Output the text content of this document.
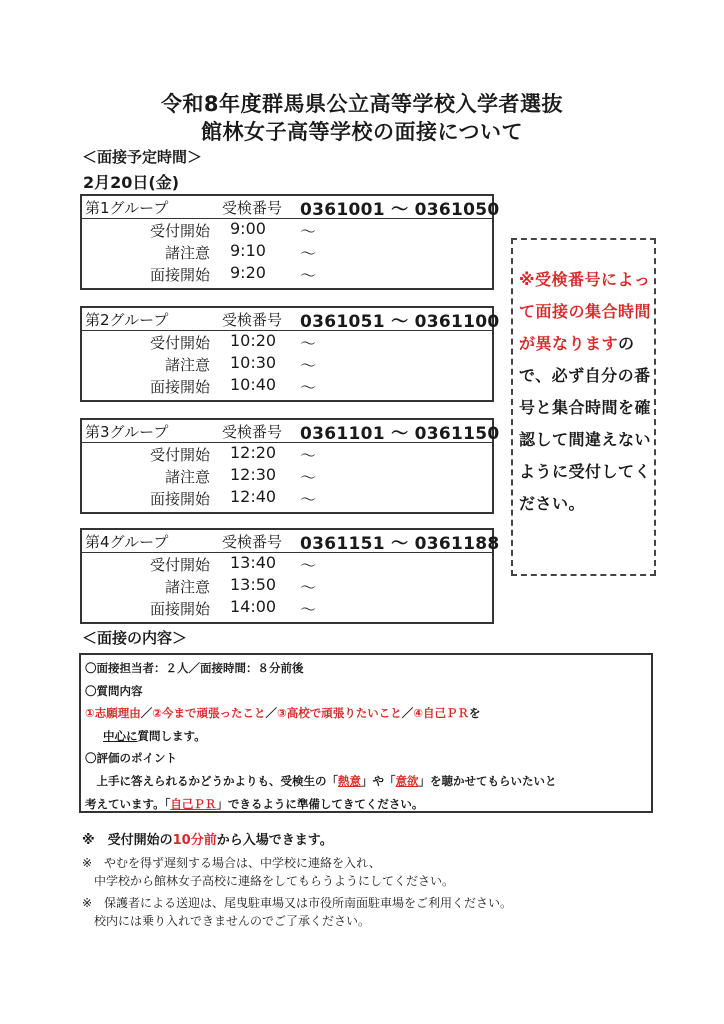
令和8年度群馬県公立高等学校入学者選抜
館林女子高等学校の面接について
＜面接予定時間＞
2月20日(金)
第1グループ	受検番号 0361001 ～ 0361050
受付開始 9:00 ～
諸注意 9:10 ～
面接開始 9:20 ～
第2グループ	受検番号 0361051 ～ 0361100
受付開始 10:20 ～
諸注意 10:30 ～
面接開始 10:40 ～
第3グループ	受検番号 0361101 ～ 0361150
受付開始 12:20 ～
諸注意 12:30 ～
面接開始 12:40 ～
第4グループ	受検番号 0361151 ～ 0361188
受付開始 13:40 ～
諸注意 13:50 ～
面接開始 14:00 ～
※受検番号によって面接の集合時間が異なりますので、必ず自分の番号と集合時間を確認して間違えないように受付してください。
＜面接の内容＞
〇面接担当者：２人／面接時間：８分前後
〇質問内容
①志願理由／②今まで頑張ったこと／③高校で頑張りたいこと／④自己ＰＲを
中心に質問します。
〇評価のポイント
　上手に答えられるかどうかよりも、受検生の「熱意」や「意欲」を聴かせてもらいたいと
考えています。「自己ＰＲ」できるように準備してきてください。
※　受付開始の10分前から入場できます。
※　やむを得ず遅刻する場合は、中学校に連絡を入れ、
　中学校から館林女子高校に連絡をしてもらうようにしてください。
※　保護者による送迎は、尾曳駐車場又は市役所南面駐車場をご利用ください。
　校内には乗り入れできませんのでご了承ください。
